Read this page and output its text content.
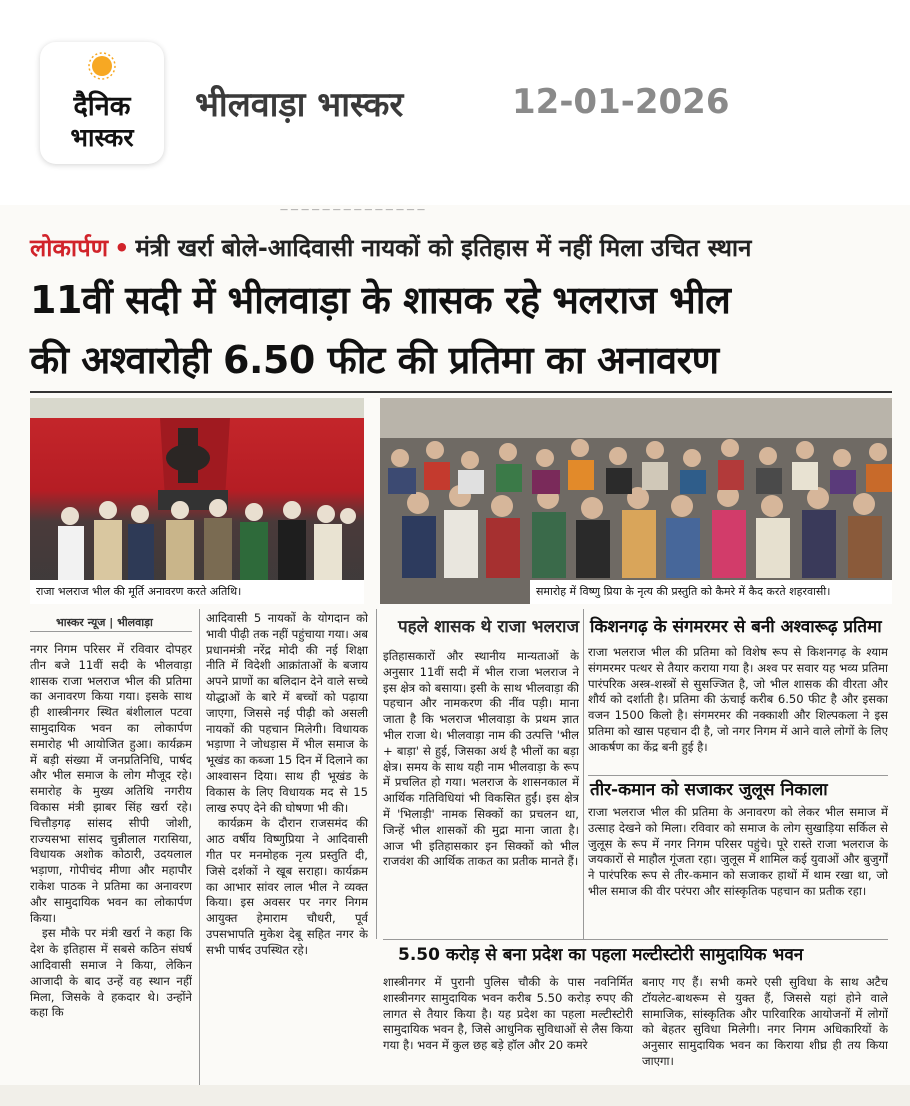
दैनिक
भास्कर
भीलवाड़ा भास्कर	12-01-2026
— — — — — — — — — — — — — —
लोकार्पण • मंत्री खर्रा बोले-आदिवासी नायकों को इतिहास में नहीं मिला उचित स्थान
11वीं सदी में भीलवाड़ा के शासक रहे भलराज भील
की अश्वारोही 6.50 फीट की प्रतिमा का अनावरण
राजा भलराज भील की मूर्ति अनावरण करते अतिथि।	समारोह में विष्णु प्रिया के नृत्य की प्रस्तुति को कैमरे में कैद करते शहरवासी।
भास्कर न्यूज | भीलवाड़ा

नगर निगम परिसर में रविवार दोपहर तीन बजे 11वीं सदी के भीलवाड़ा शासक राजा भलराज भील की प्रतिमा का अनावरण किया गया। इसके साथ ही शास्त्रीनगर स्थित बंशीलाल पटवा सामुदायिक भवन का लोकार्पण समारोह भी आयोजित हुआ। कार्यक्रम में बड़ी संख्या में जनप्रतिनिधि, पार्षद और भील समाज के लोग मौजूद रहे। समारोह के मुख्य अतिथि नगरीय विकास मंत्री झाबर सिंह खर्रा रहे। चित्तौड़गढ़ सांसद सीपी जोशी, राज्यसभा सांसद चुन्नीलाल गरासिया, विधायक अशोक कोठारी, उदयलाल भड़ाणा, गोपीचंद मीणा और महापौर राकेश पाठक ने प्रतिमा का अनावरण और सामुदायिक भवन का लोकार्पण किया।

इस मौके पर मंत्री खर्रा ने कहा कि देश के इतिहास में सबसे कठिन संघर्ष आदिवासी समाज ने किया, लेकिन आजादी के बाद उन्हें वह स्थान नहीं मिला, जिसके वे हकदार थे। उन्होंने कहा कि

आदिवासी 5 नायकों के योगदान को भावी पीढ़ी तक नहीं पहुंचाया गया। अब प्रधानमंत्री नरेंद्र मोदी की नई शिक्षा नीति में विदेशी आक्रांताओं के बजाय अपने प्राणों का बलिदान देने वाले सच्चे योद्धाओं के बारे में बच्चों को पढ़ाया जाएगा, जिससे नई पीढ़ी को असली नायकों की पहचान मिलेगी। विधायक भड़ाणा ने जोधड़ास में भील समाज के भूखंड का कब्जा 15 दिन में दिलाने का आश्वासन दिया। साथ ही भूखंड के विकास के लिए विधायक मद से 15 लाख रुपए देने की घोषणा भी की।

कार्यक्रम के दौरान राजसमंद की आठ वर्षीय विष्णुप्रिया ने आदिवासी गीत पर मनमोहक नृत्य प्रस्तुति दी, जिसे दर्शकों ने खूब सराहा। कार्यक्रम का आभार सांवर लाल भील ने व्यक्त किया। इस अवसर पर नगर निगम आयुक्त हेमाराम चौधरी, पूर्व उपसभापति मुकेश देबू सहित नगर के सभी पार्षद उपस्थित रहे।

पहले शासक थे राजा भलराज

इतिहासकारों और स्थानीय मान्यताओं के अनुसार 11वीं सदी में भील राजा भलराज ने इस क्षेत्र को बसाया। इसी के साथ भीलवाड़ा की पहचान और नामकरण की नींव पड़ी। माना जाता है कि भलराज भीलवाड़ा के प्रथम ज्ञात भील राजा थे। भीलवाड़ा नाम की उत्पत्ति 'भील + बाड़ा' से हुई, जिसका अर्थ है भीलों का बड़ा क्षेत्र। समय के साथ यही नाम भीलवाड़ा के रूप में प्रचलित हो गया। भलराज के शासनकाल में आर्थिक गतिविधियां भी विकसित हुईं। इस क्षेत्र में 'भिलाड़ी' नामक सिक्कों का प्रचलन था, जिन्हें भील शासकों की मुद्रा माना जाता है। आज भी इतिहासकार इन सिक्कों को भील राजवंश की आर्थिक ताकत का प्रतीक मानते हैं।

किशनगढ़ के संगमरमर से बनी अश्वारूढ़ प्रतिमा

राजा भलराज भील की प्रतिमा को विशेष रूप से किशनगढ़ के श्याम संगमरमर पत्थर से तैयार कराया गया है। अश्व पर सवार यह भव्य प्रतिमा पारंपरिक अस्त्र-शस्त्रों से सुसज्जित है, जो भील शासक की वीरता और शौर्य को दर्शाती है। प्रतिमा की ऊंचाई करीब 6.50 फीट है और इसका वजन 1500 किलो है। संगमरमर की नक्काशी और शिल्पकला ने इस प्रतिमा को खास पहचान दी है, जो नगर निगम में आने वाले लोगों के लिए आकर्षण का केंद्र बनी हुई है।

तीर-कमान को सजाकर जुलूस निकाला

राजा भलराज भील की प्रतिमा के अनावरण को लेकर भील समाज में उत्साह देखने को मिला। रविवार को समाज के लोग सुखाड़िया सर्किल से जुलूस के रूप में नगर निगम परिसर पहुंचे। पूरे रास्ते राजा भलराज के जयकारों से माहौल गूंजता रहा। जुलूस में शामिल कई युवाओं और बुजुर्गों ने पारंपरिक रूप से तीर-कमान को सजाकर हाथों में थाम रखा था, जो भील समाज की वीर परंपरा और सांस्कृतिक पहचान का प्रतीक रहा।

5.50 करोड़ से बना प्रदेश का पहला मल्टीस्टोरी सामुदायिक भवन

शास्त्रीनगर में पुरानी पुलिस चौकी के पास नवनिर्मित शास्त्रीनगर सामुदायिक भवन करीब 5.50 करोड़ रुपए की लागत से तैयार किया है। यह प्रदेश का पहला मल्टीस्टोरी सामुदायिक भवन है, जिसे आधुनिक सुविधाओं से लैस किया गया है। भवन में कुल छह बड़े हॉल और 20 कमरे

बनाए गए हैं। सभी कमरे एसी सुविधा के साथ अटैच टॉयलेट-बाथरूम से युक्त हैं, जिससे यहां होने वाले सामाजिक, सांस्कृतिक और पारिवारिक आयोजनों में लोगों को बेहतर सुविधा मिलेगी। नगर निगम अधिकारियों के अनुसार सामुदायिक भवन का किराया शीघ्र ही तय किया जाएगा।
